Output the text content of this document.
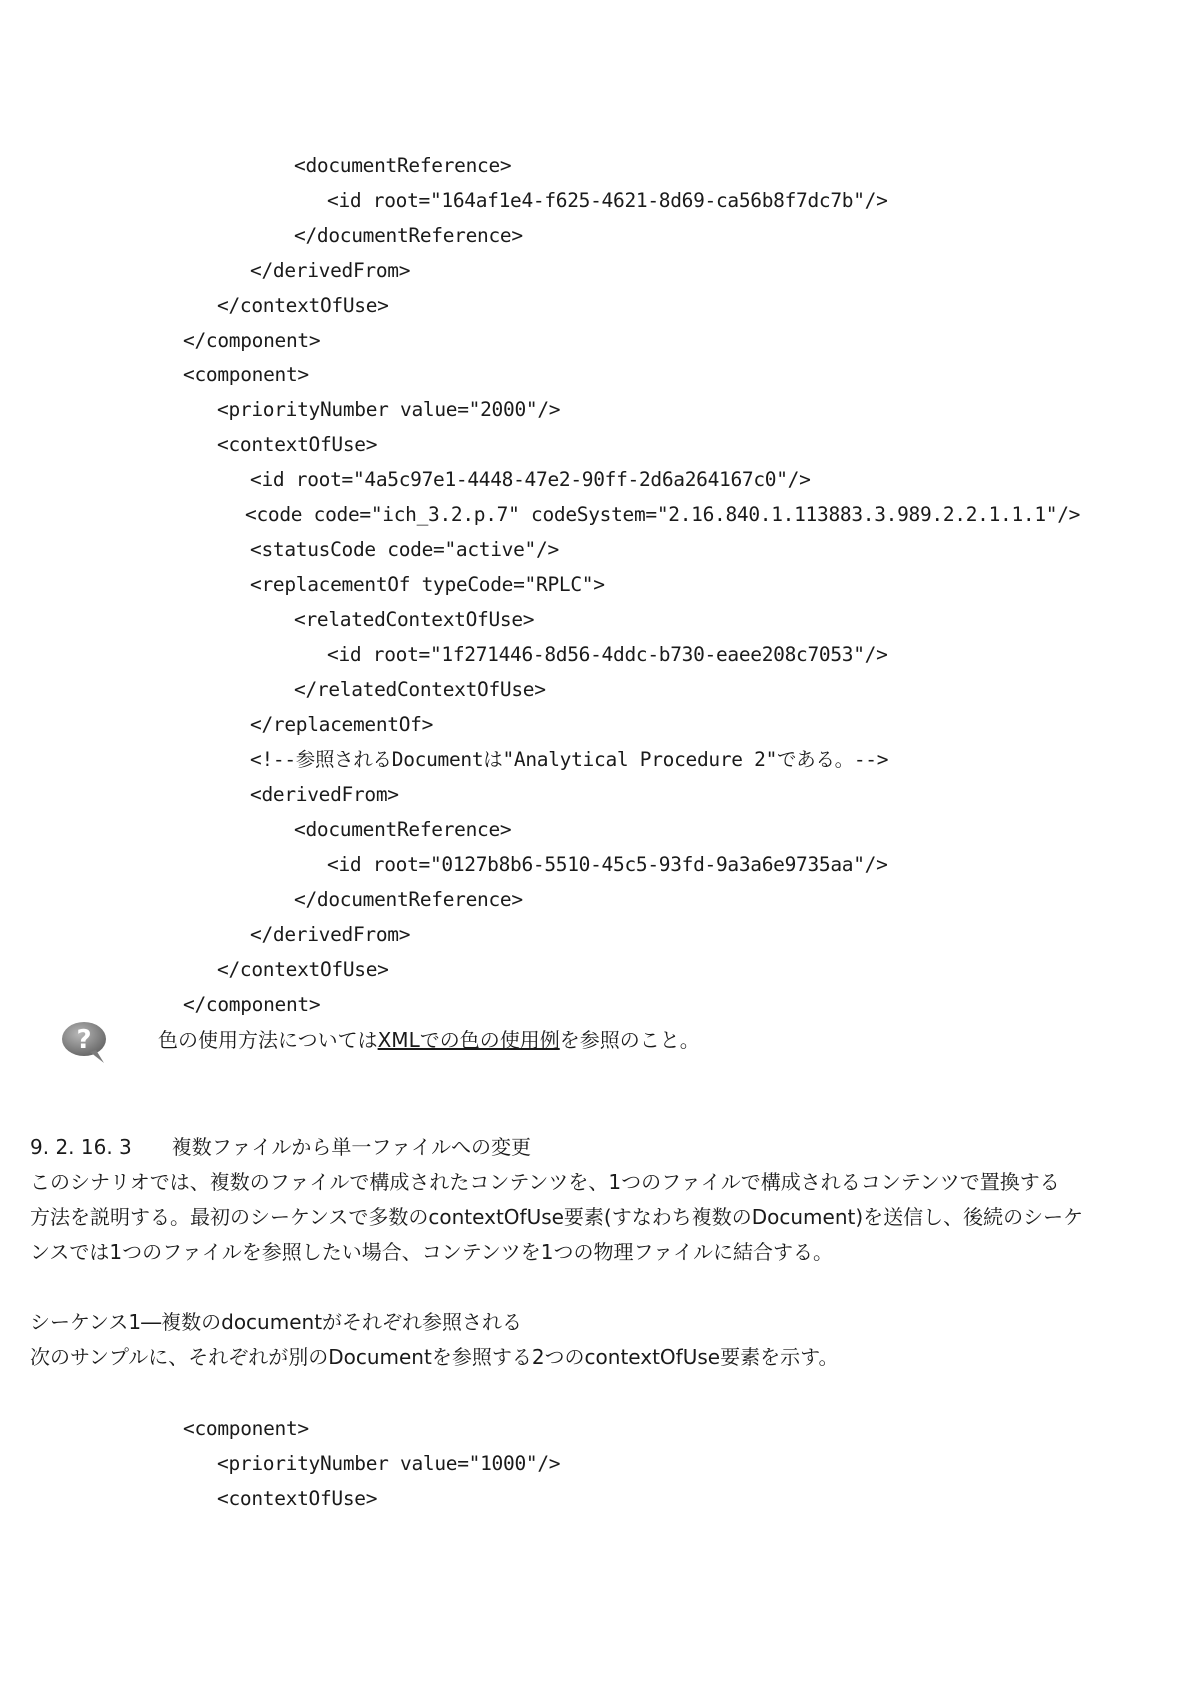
<documentReference>
<id root="164af1e4-f625-4621-8d69-ca56b8f7dc7b"/>
</documentReference>
</derivedFrom>
</contextOfUse>
</component>
<component>
<priorityNumber value="2000"/>
<contextOfUse>
<id root="4a5c97e1-4448-47e2-90ff-2d6a264167c0"/>
<code code="ich_3.2.p.7" codeSystem="2.16.840.1.113883.3.989.2.2.1.1.1"/>
<statusCode code="active"/>
<replacementOf typeCode="RPLC">
<relatedContextOfUse>
<id root="1f271446-8d56-4ddc-b730-eaee208c7053"/>
</relatedContextOfUse>
</replacementOf>
<!--参照されるDocumentは"Analytical Procedure 2"である。-->
<derivedFrom>
<documentReference>
<id root="0127b8b6-5510-45c5-93fd-9a3a6e9735aa"/>
</documentReference>
</derivedFrom>
</contextOfUse>
</component>
?	色の使用方法についてはXMLでの色の使用例を参照のこと。
9. 2. 16. 3　　複数ファイルから単一ファイルへの変更
このシナリオでは、複数のファイルで構成されたコンテンツを、1つのファイルで構成されるコンテンツで置換する
方法を説明する。最初のシーケンスで多数のcontextOfUse要素(すなわち複数のDocument)を送信し、後続のシーケ
ンスでは1つのファイルを参照したい場合、コンテンツを1つの物理ファイルに結合する。
シーケンス1―複数のdocumentがそれぞれ参照される
次のサンプルに、それぞれが別のDocumentを参照する2つのcontextOfUse要素を示す。
<component>
<priorityNumber value="1000"/>
<contextOfUse>
